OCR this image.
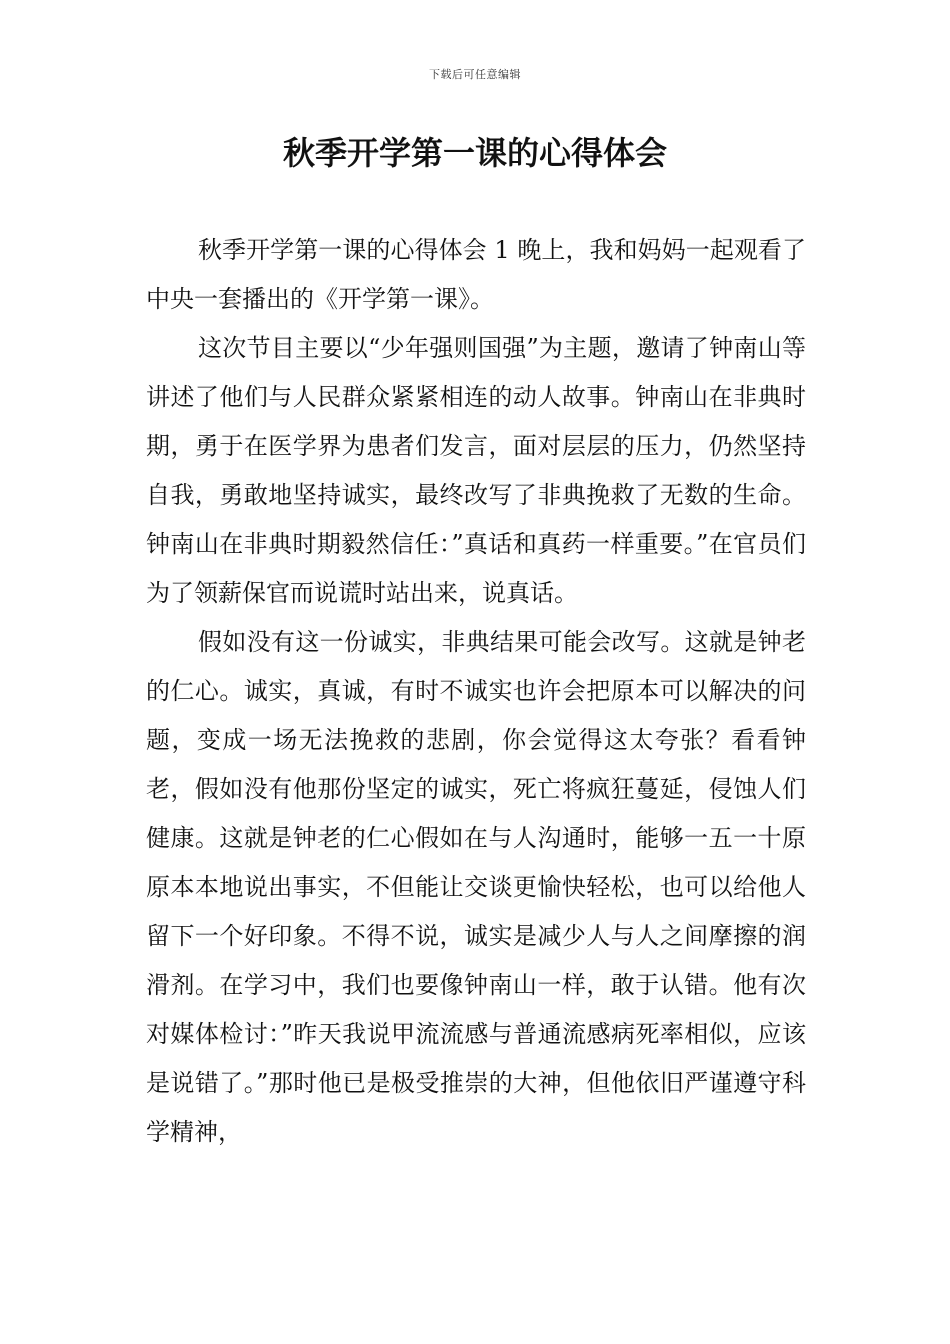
下载后可任意编辑
秋季开学第一课的心得体会

秋季开学第一课的心得体会 1 晚上，我和妈妈一起观看了中央一套播出的《开学第一课》。

这次节目主要以“少年强则国强”为主题，邀请了钟南山等讲述了他们与人民群众紧紧相连的动人故事。钟南山在非典时期，勇于在医学界为患者们发言，面对层层的压力，仍然坚持自我，勇敢地坚持诚实，最终改写了非典挽救了无数的生命。钟南山在非典时期毅然信任：”真话和真药一样重要。”在官员们为了领薪保官而说谎时站出来，说真话。

假如没有这一份诚实，非典结果可能会改写。这就是钟老的仁心。诚实，真诚，有时不诚实也许会把原本可以解决的问题，变成一场无法挽救的悲剧，你会觉得这太夸张？看看钟老，假如没有他那份坚定的诚实，死亡将疯狂蔓延，侵蚀人们健康。这就是钟老的仁心假如在与人沟通时，能够一五一十原原本本地说出事实，不但能让交谈更愉快轻松，也可以给他人留下一个好印象。不得不说，诚实是减少人与人之间摩擦的润滑剂。在学习中，我们也要像钟南山一样，敢于认错。他有次对媒体检讨：”昨天我说甲流流感与普通流感病死率相似，应该是说错了。”那时他已是极受推崇的大神，但他依旧严谨遵守科学精神，
